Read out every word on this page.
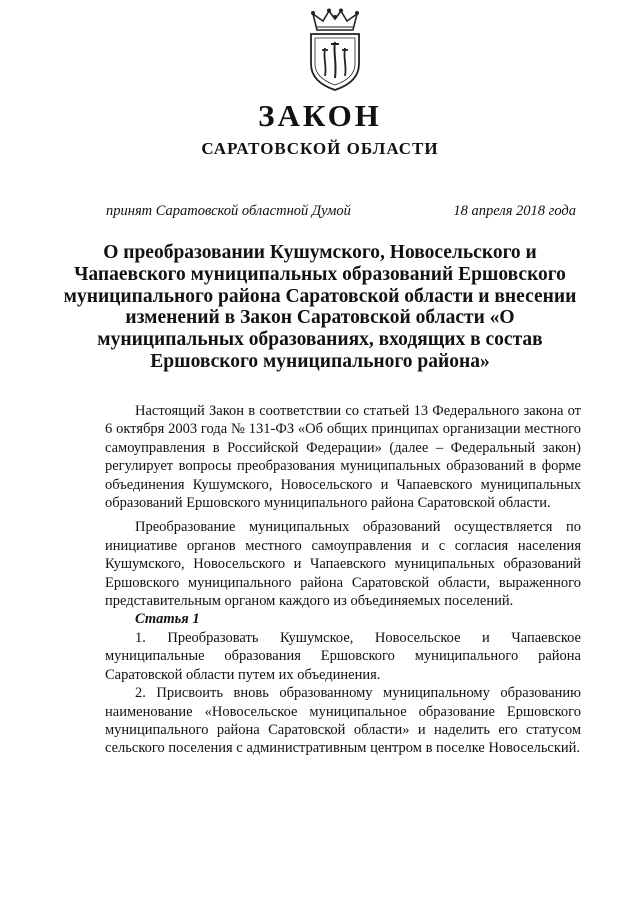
ЗАКОН
САРАТОВСКОЙ ОБЛАСТИ
принят Саратовской областной Думой	18 апреля 2018 года
О преобразовании Кушумского, Новосельского и Чапаевского муниципальных образований Ершовского муниципального района Саратовской области и внесении изменений в Закон Саратовской области «О муниципальных образованиях, входящих в состав Ершовского муниципального района»

Настоящий Закон в соответствии со статьей 13 Федерального закона от 6 октября 2003 года № 131-ФЗ «Об общих принципах организации местного самоуправления в Российской Федерации» (далее – Федеральный закон) регулирует вопросы преобразования муниципальных образований в форме объединения Кушумского, Новосельского и Чапаевского муниципальных образований Ершовского муниципального района Саратовской области.

Преобразование муниципальных образований осуществляется по инициативе органов местного самоуправления и с согласия населения Кушумского, Новосельского и Чапаевского муниципальных образований Ершовского муниципального района Саратовской области, выраженного представительным органом каждого из объединяемых поселений.

Статья 1

1. Преобразовать Кушумское, Новосельское и Чапаевское муниципальные образования Ершовского муниципального района Саратовской области путем их объединения.

2. Присвоить вновь образованному муниципальному образованию наименование «Новосельское муниципальное образование Ершовского муниципального района Саратовской области» и наделить его статусом сельского поселения с административным центром в поселке Новосельский.
